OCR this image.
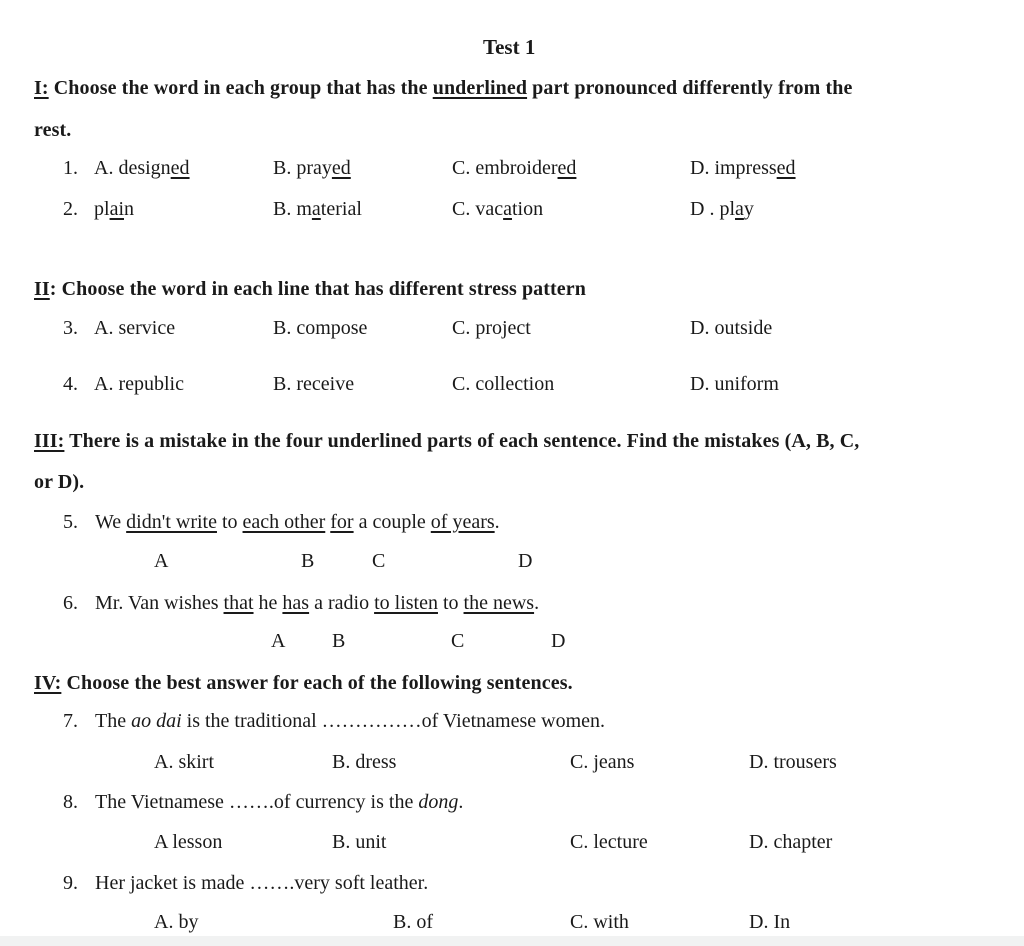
Test 1
I: Choose the word in each group that has the underlined part pronounced differently from the
rest.
1. A. designed	B. prayed	C. embroidered	D. impressed
2. plain	B. material	C. vacation	D . play
II: Choose the word in each line that has different stress pattern
3. A. service	B. compose	C. project	D. outside
4. A. republic	B. receive	C. collection	D. uniform
III: There is a mistake in the four underlined parts of each sentence. Find the mistakes (A, B, C,
or D).
5. We didn't write to each other for a couple of years.
A	B	C	D
6. Mr. Van wishes that he has a radio to listen to the news.
A B	C	D
IV: Choose the best answer for each of the following sentences.
7. The ao dai is the traditional ……………of Vietnamese women.
A. skirt	B. dress	C. jeans	D. trousers
8. The Vietnamese …….of currency is the dong.
A lesson	B. unit	C. lecture	D. chapter
9. Her jacket is made …….very soft leather.
A. by	B. of	C. with	D. In
